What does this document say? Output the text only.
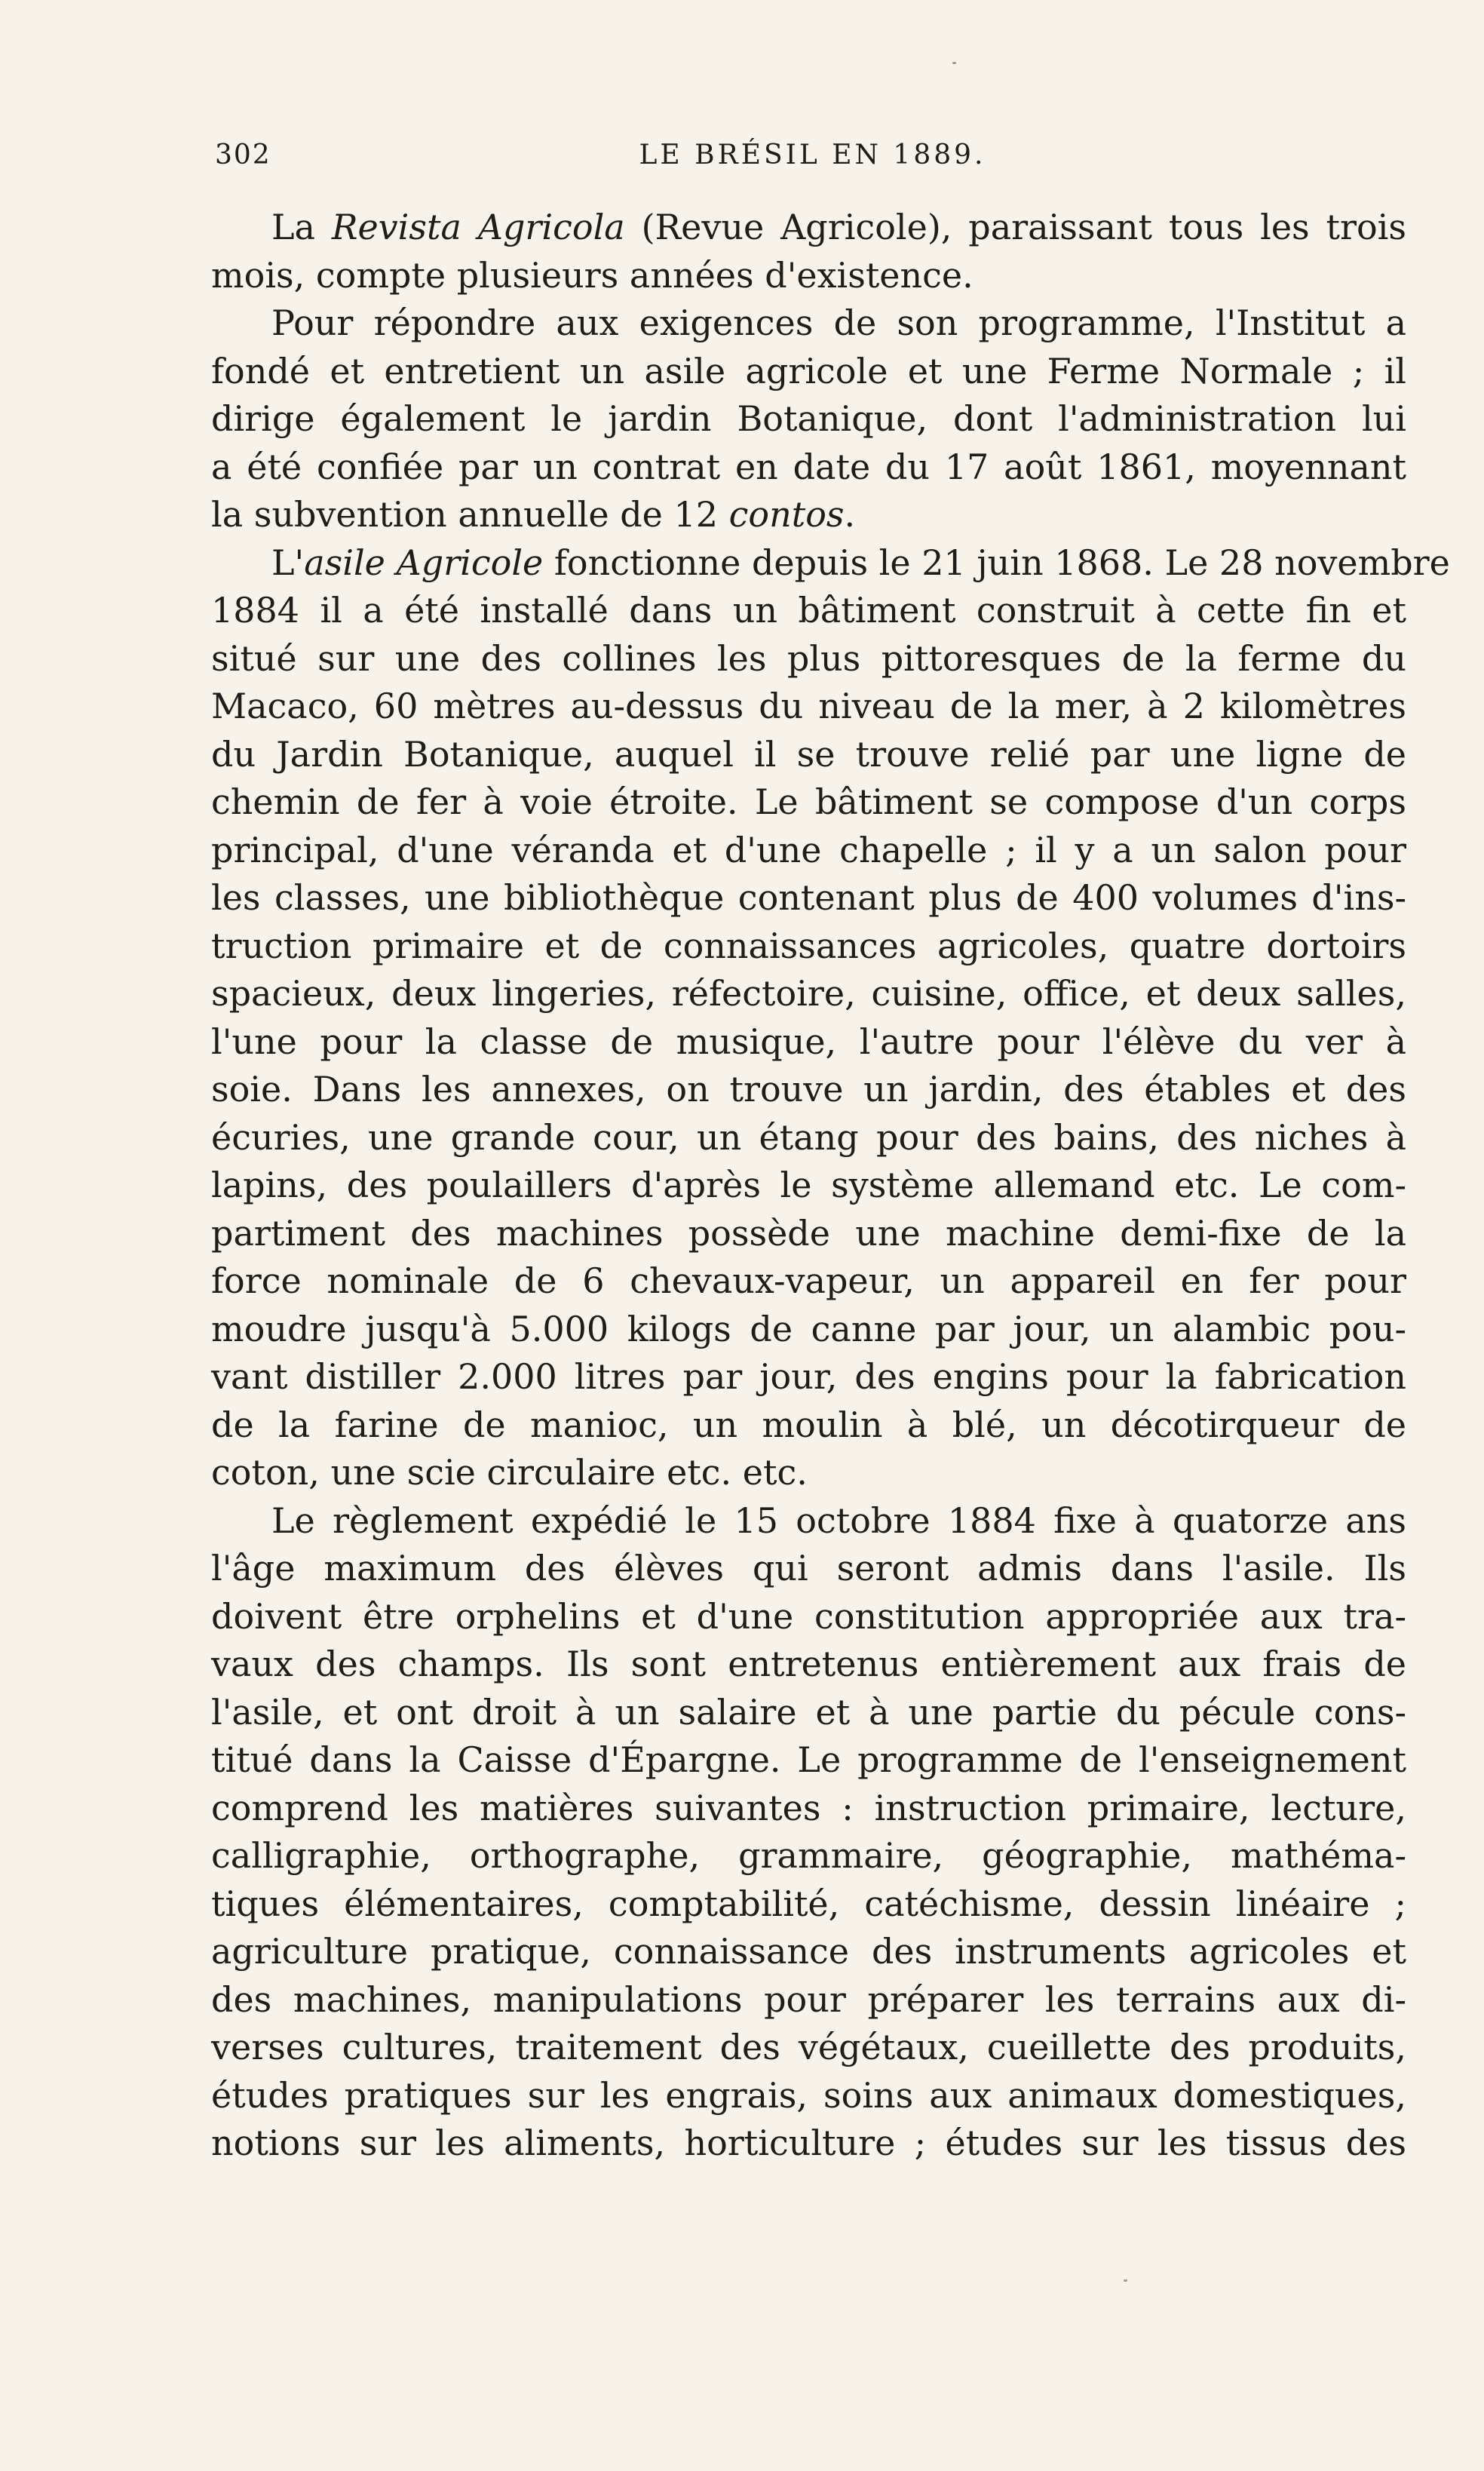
302	LE BRÉSIL EN 1889.
La Revista Agricola (Revue Agricole), paraissant tous les trois
mois, compte plusieurs années d'existence.
Pour répondre aux exigences de son programme, l'Institut a
fondé et entretient un asile agricole et une Ferme Normale ; il
dirige également le jardin Botanique, dont l'administration lui
a été confiée par un contrat en date du 17 août 1861, moyennant
la subvention annuelle de 12 contos.
L'asile Agricole fonctionne depuis le 21 juin 1868. Le 28 novembre
1884 il a été installé dans un bâtiment construit à cette fin et
situé sur une des collines les plus pittoresques de la ferme du
Macaco, 60 mètres au-dessus du niveau de la mer, à 2 kilomètres
du Jardin Botanique, auquel il se trouve relié par une ligne de
chemin de fer à voie étroite. Le bâtiment se compose d'un corps
principal, d'une véranda et d'une chapelle ; il y a un salon pour
les classes, une bibliothèque contenant plus de 400 volumes d'ins-
truction primaire et de connaissances agricoles, quatre dortoirs
spacieux, deux lingeries, réfectoire, cuisine, office, et deux salles,
l'une pour la classe de musique, l'autre pour l'élève du ver à
soie. Dans les annexes, on trouve un jardin, des étables et des
écuries, une grande cour, un étang pour des bains, des niches à
lapins, des poulaillers d'après le système allemand etc. Le com-
partiment des machines possède une machine demi-fixe de la
force nominale de 6 chevaux-vapeur, un appareil en fer pour
moudre jusqu'à 5.000 kilogs de canne par jour, un alambic pou-
vant distiller 2.000 litres par jour, des engins pour la fabrication
de la farine de manioc, un moulin à blé, un décotirqueur de
coton, une scie circulaire etc. etc.
Le règlement expédié le 15 octobre 1884 fixe à quatorze ans
l'âge maximum des élèves qui seront admis dans l'asile. Ils
doivent être orphelins et d'une constitution appropriée aux tra-
vaux des champs. Ils sont entretenus entièrement aux frais de
l'asile, et ont droit à un salaire et à une partie du pécule cons-
titué dans la Caisse d'Épargne. Le programme de l'enseignement
comprend les matières suivantes : instruction primaire, lecture,
calligraphie, orthographe, grammaire, géographie, mathéma-
tiques élémentaires, comptabilité, catéchisme, dessin linéaire ;
agriculture pratique, connaissance des instruments agricoles et
des machines, manipulations pour préparer les terrains aux di-
verses cultures, traitement des végétaux, cueillette des produits,
études pratiques sur les engrais, soins aux animaux domestiques,
notions sur les aliments, horticulture ; études sur les tissus des
